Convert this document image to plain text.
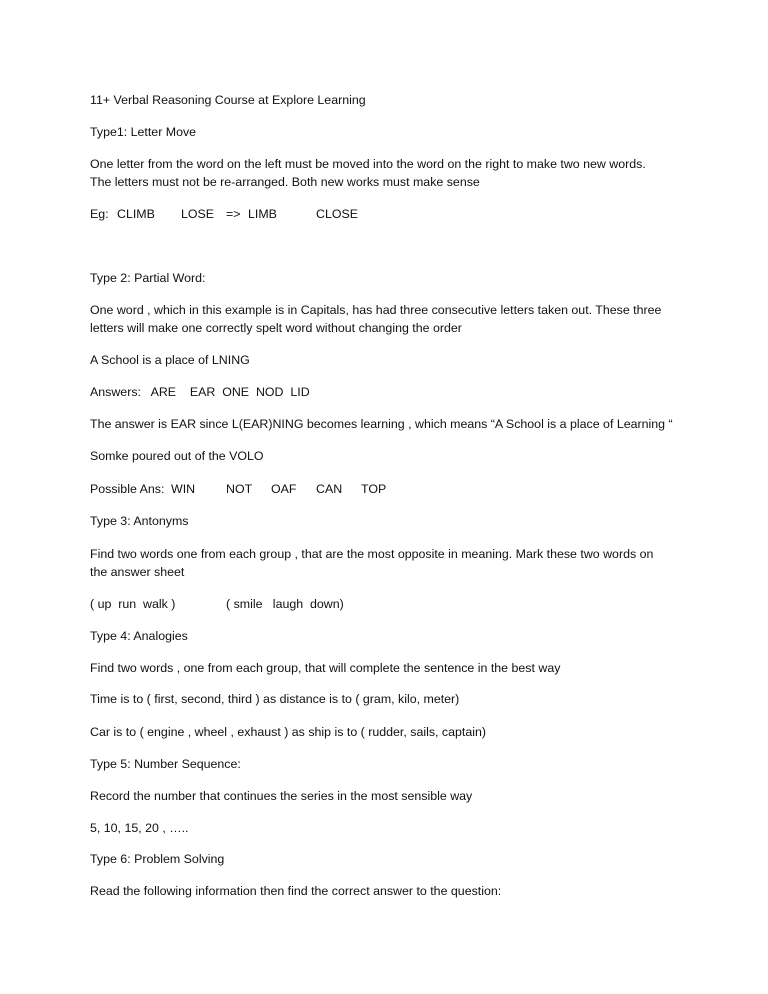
11+ Verbal Reasoning Course at Explore Learning
Type1: Letter Move
One letter from the word on the left must be moved into the word on the right to make two new words.
The letters must not be re-arranged. Both new works must make sense
Eg: CLIMB LOSE => LIMB	CLOSE
Type 2: Partial Word:
One word , which in this example is in Capitals, has had three consecutive letters taken out. These three
letters will make one correctly spelt word without changing the order
A School is a place of LNING
Answers:   ARE    EAR  ONE  NOD  LID
The answer is EAR since L(EAR)NING becomes learning , which means “A School is a place of Learning “
Somke poured out of the VOLO
Possible Ans: WIN NOT OAF CAN TOP
Type 3: Antonyms
Find two words one from each group , that are the most opposite in meaning. Mark these two words on
the answer sheet
( up  run  walk )	( smile   laugh  down)
Type 4: Analogies
Find two words , one from each group, that will complete the sentence in the best way
Time is to ( first, second, third ) as distance is to ( gram, kilo, meter)
Car is to ( engine , wheel , exhaust ) as ship is to ( rudder, sails, captain)
Type 5: Number Sequence:
Record the number that continues the series in the most sensible way
5, 10, 15, 20 , …..
Type 6: Problem Solving
Read the following information then find the correct answer to the question:
